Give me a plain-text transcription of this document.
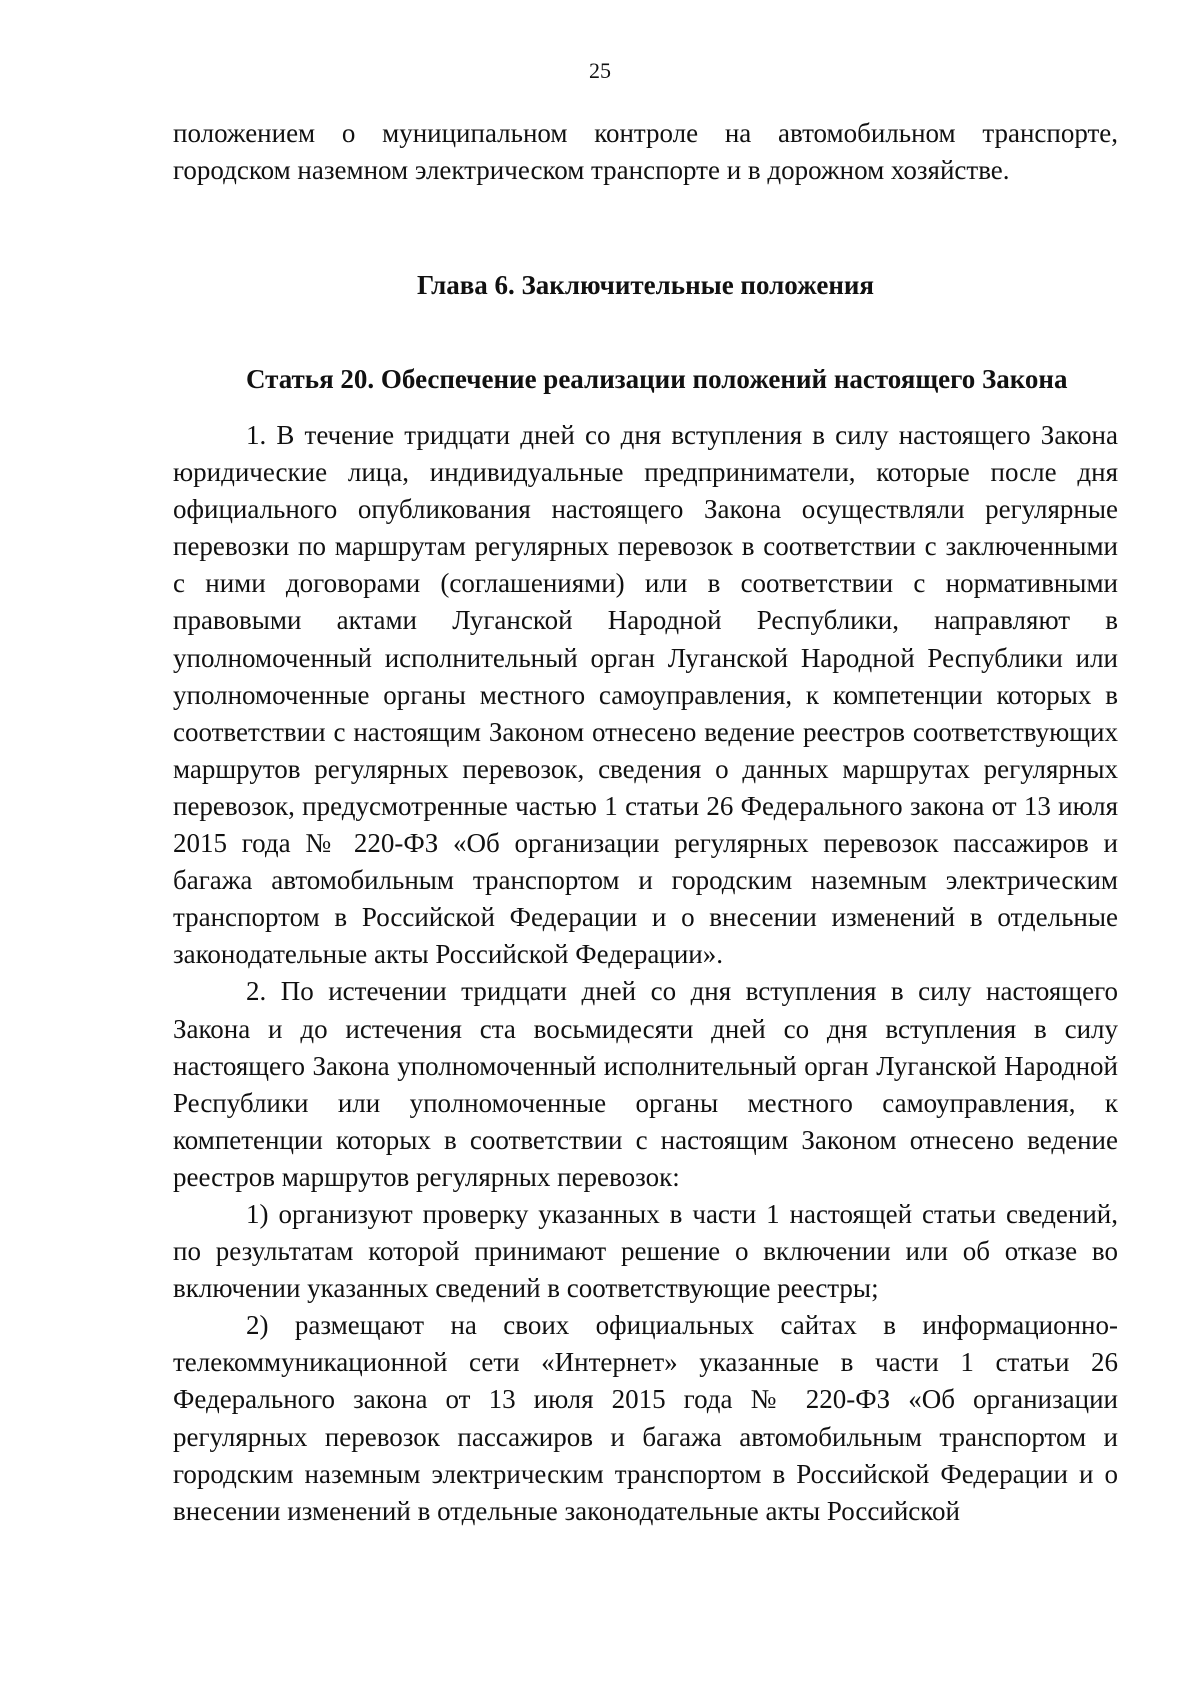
25

положением о муниципальном контроле на автомобильном транспорте, городском наземном электрическом транспорте и в дорожном хозяйстве.

Глава 6. Заключительные положения
Статья 20. Обеспечение реализации положений настоящего Закона

1. В течение тридцати дней со дня вступления в силу настоящего Закона юридические лица, индивидуальные предприниматели, которые после дня официального опубликования настоящего Закона осуществляли регулярные перевозки по маршрутам регулярных перевозок в соответствии с заключенными с ними договорами (соглашениями) или в соответствии с нормативными правовыми актами Луганской Народной Республики, направляют в уполномоченный исполнительный орган Луганской Народной Республики или уполномоченные органы местного самоуправления, к компетенции которых в соответствии с настоящим Законом отнесено ведение реестров соответствующих маршрутов регулярных перевозок, сведения о данных маршрутах регулярных перевозок, предусмотренные частью 1 статьи 26 Федерального закона от 13 июля 2015 года № 220-ФЗ «Об организации регулярных перевозок пассажиров и багажа автомобильным транспортом и городским наземным электрическим транспортом в Российской Федерации и о внесении изменений в отдельные законодательные акты Российской Федерации».

2. По истечении тридцати дней со дня вступления в силу настоящего Закона и до истечения ста восьмидесяти дней со дня вступления в силу настоящего Закона уполномоченный исполнительный орган Луганской Народной Республики или уполномоченные органы местного самоуправления, к компетенции которых в соответствии с настоящим Законом отнесено ведение реестров маршрутов регулярных перевозок:

1) организуют проверку указанных в части 1 настоящей статьи сведений, по результатам которой принимают решение о включении или об отказе во включении указанных сведений в соответствующие реестры;

2) размещают на своих официальных сайтах в информационно-телекоммуникационной сети «Интернет» указанные в части 1 статьи 26 Федерального закона от 13 июля 2015 года № 220-ФЗ «Об организации регулярных перевозок пассажиров и багажа автомобильным транспортом и городским наземным электрическим транспортом в Российской Федерации и о внесении изменений в отдельные законодательные акты Российской
